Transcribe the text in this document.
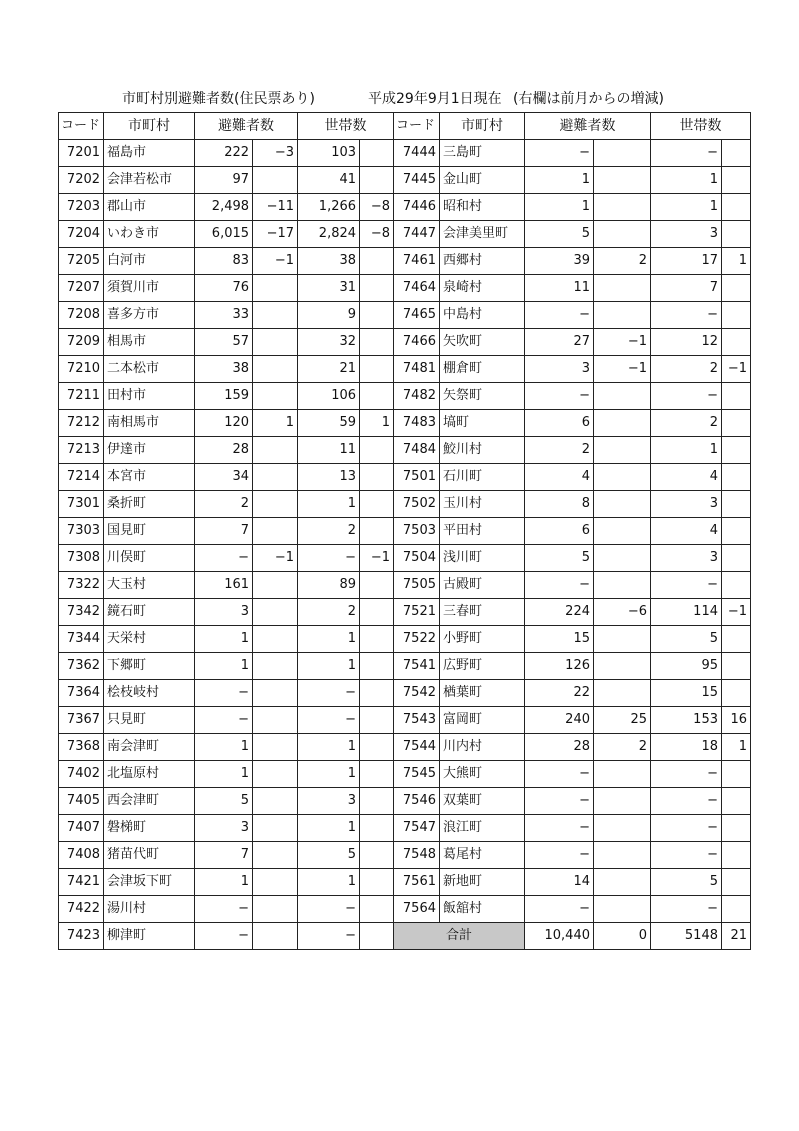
市町村別避難者数(住民票あり)	平成29年9月1日現在 (右欄は前月からの増減)
コード	市町村	避難者数		世帯数	
7201	福島市	222	−3	103	
7202	会津若松市	97		41	
7203	郡山市	2,498	−11	1,266	−8
7204	いわき市	6,015	−17	2,824	−8
7205	白河市	83	−1	38	
7207	須賀川市	76		31	
7208	喜多方市	33		9	
7209	相馬市	57		32	
7210	二本松市	38		21	
7211	田村市	159		106	
7212	南相馬市	120	1	59	1
7213	伊達市	28		11	
7214	本宮市	34		13	
7301	桑折町	2		1	
7303	国見町	7		2	
7308	川俣町	−	−1	−	−1
7322	大玉村	161		89	
7342	鏡石町	3		2	
7344	天栄村	1		1	
7362	下郷町	1		1	
7364	桧枝岐村	−		−	
7367	只見町	−		−	
7368	南会津町	1		1	
7402	北塩原村	1		1	
7405	西会津町	5		3	
7407	磐梯町	3		1	
7408	猪苗代町	7		5	
7421	会津坂下町	1		1	
7422	湯川村	−		−	
7423	柳津町	−		−	
コード	市町村	避難者数		世帯数	
7444	三島町	−		−	
7445	金山町	1		1	
7446	昭和村	1		1	
7447	会津美里町	5		3	
7461	西郷村	39	2	17	1
7464	泉崎村	11		7	
7465	中島村	−		−	
7466	矢吹町	27	−1	12	
7481	棚倉町	3	−1	2	−1
7482	矢祭町	−		−	
7483	塙町	6		2	
7484	鮫川村	2		1	
7501	石川町	4		4	
7502	玉川村	8		3	
7503	平田村	6		4	
7504	浅川町	5		3	
7505	古殿町	−		−	
7521	三春町	224	−6	114	−1
7522	小野町	15		5	
7541	広野町	126		95	
7542	楢葉町	22		15	
7543	富岡町	240	25	153	16
7544	川内村	28	2	18	1
7545	大熊町	−		−	
7546	双葉町	−		−	
7547	浪江町	−		−	
7548	葛尾村	−		−	
7561	新地町	14		5	
7564	飯舘村	−		−	
合計		10,440	0	5148	21
